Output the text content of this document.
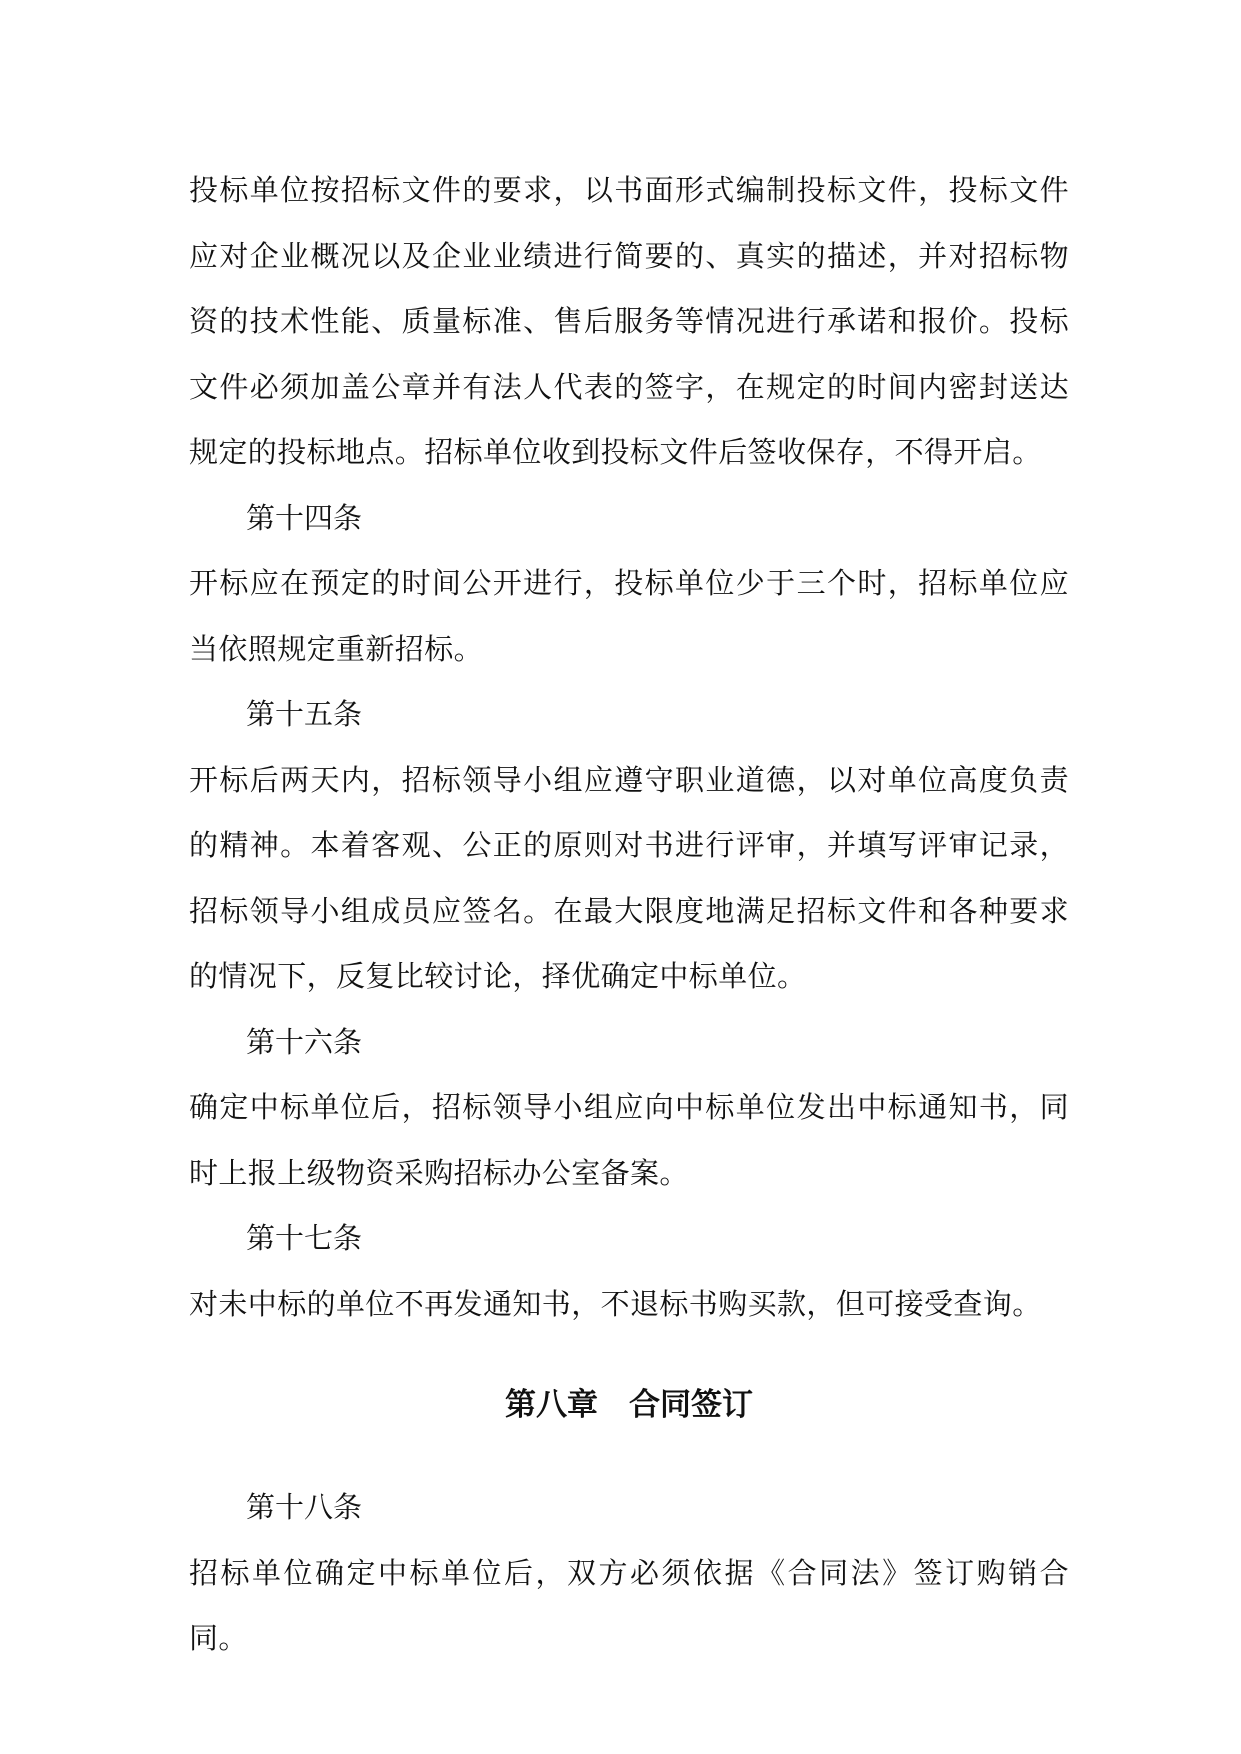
投标单位按招标文件的要求，以书面形式编制投标文件，投标文件应对企业概况以及企业业绩进行简要的、真实的描述，并对招标物资的技术性能、质量标准、售后服务等情况进行承诺和报价。投标文件必须加盖公章并有法人代表的签字，在规定的时间内密封送达规定的投标地点。招标单位收到投标文件后签收保存，不得开启。

第十四条

开标应在预定的时间公开进行，投标单位少于三个时，招标单位应当依照规定重新招标。

第十五条

开标后两天内，招标领导小组应遵守职业道德，以对单位高度负责的精神。本着客观、公正的原则对书进行评审，并填写评审记录，招标领导小组成员应签名。在最大限度地满足招标文件和各种要求的情况下，反复比较讨论，择优确定中标单位。

第十六条

确定中标单位后，招标领导小组应向中标单位发出中标通知书，同时上报上级物资采购招标办公室备案。

第十七条

对未中标的单位不再发通知书，不退标书购买款，但可接受查询。

第八章　合同签订

第十八条

招标单位确定中标单位后，双方必须依据《合同法》签订购销合同。
